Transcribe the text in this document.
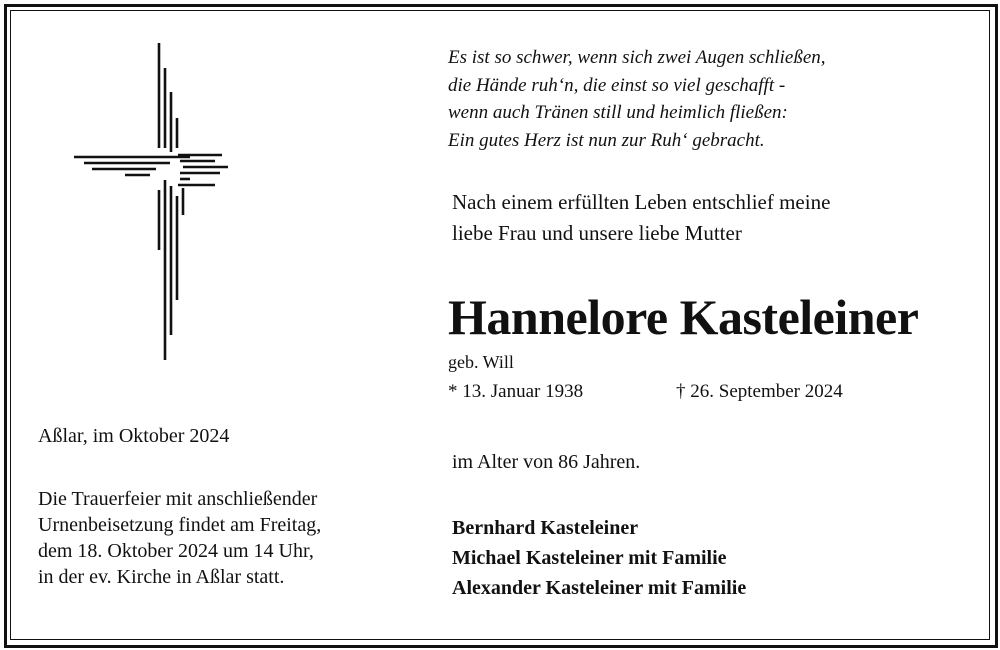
Es ist so schwer, wenn sich zwei Augen schließen,
die Hände ruh‘n, die einst so viel geschafft -
wenn auch Tränen still und heimlich fließen:
Ein gutes Herz ist nun zur Ruh‘ gebracht.
Nach einem erfüllten Leben entschlief meine
liebe Frau und unsere liebe Mutter
Hannelore Kasteleiner
geb. Will
* 13. Januar 1938	† 26. September 2024
im Alter von 86 Jahren.
Bernhard Kasteleiner
Michael Kasteleiner mit Familie
Alexander Kasteleiner mit Familie
Aßlar, im Oktober 2024
Die Trauerfeier mit anschließender
Urnenbeisetzung findet am Freitag,
dem 18. Oktober 2024 um 14 Uhr,
in der ev. Kirche in Aßlar statt.
